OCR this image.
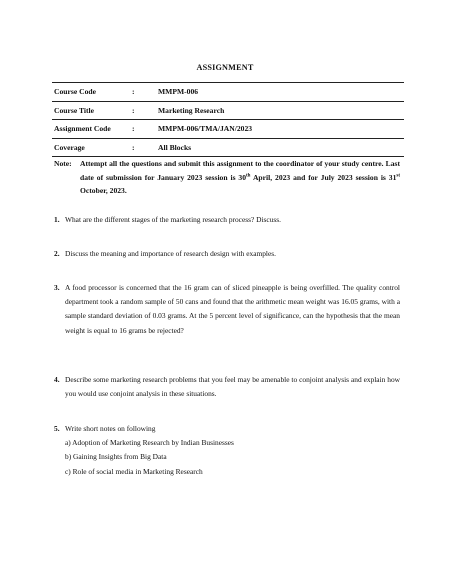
ASSIGNMENT
Course Code	:	MMPM-006
Course Title	:	Marketing Research
Assignment Code	:	MMPM-006/TMA/JAN/2023
Coverage	:	All Blocks
Note: Attempt all the questions and submit this assignment to the coordinator of your study centre. Last date of submission for January 2023 session is 30th April, 2023 and for July 2023 session is 31st October, 2023.
1. What are the different stages of the marketing research process? Discuss.
2. Discuss the meaning and importance of research design with examples.
3. A food processor is concerned that the 16 gram can of sliced pineapple is being overfilled. The quality control department took a random sample of 50 cans and found that the arithmetic mean weight was 16.05 grams, with a sample standard deviation of 0.03 grams. At the 5 percent level of significance, can the hypothesis that the mean weight is equal to 16 grams be rejected?
4. Describe some marketing research problems that you feel may be amenable to conjoint analysis and explain how you would use conjoint analysis in these situations.
5. Write short notes on following
a) Adoption of Marketing Research by Indian Businesses
b) Gaining Insights from Big Data
c) Role of social media in Marketing Research
